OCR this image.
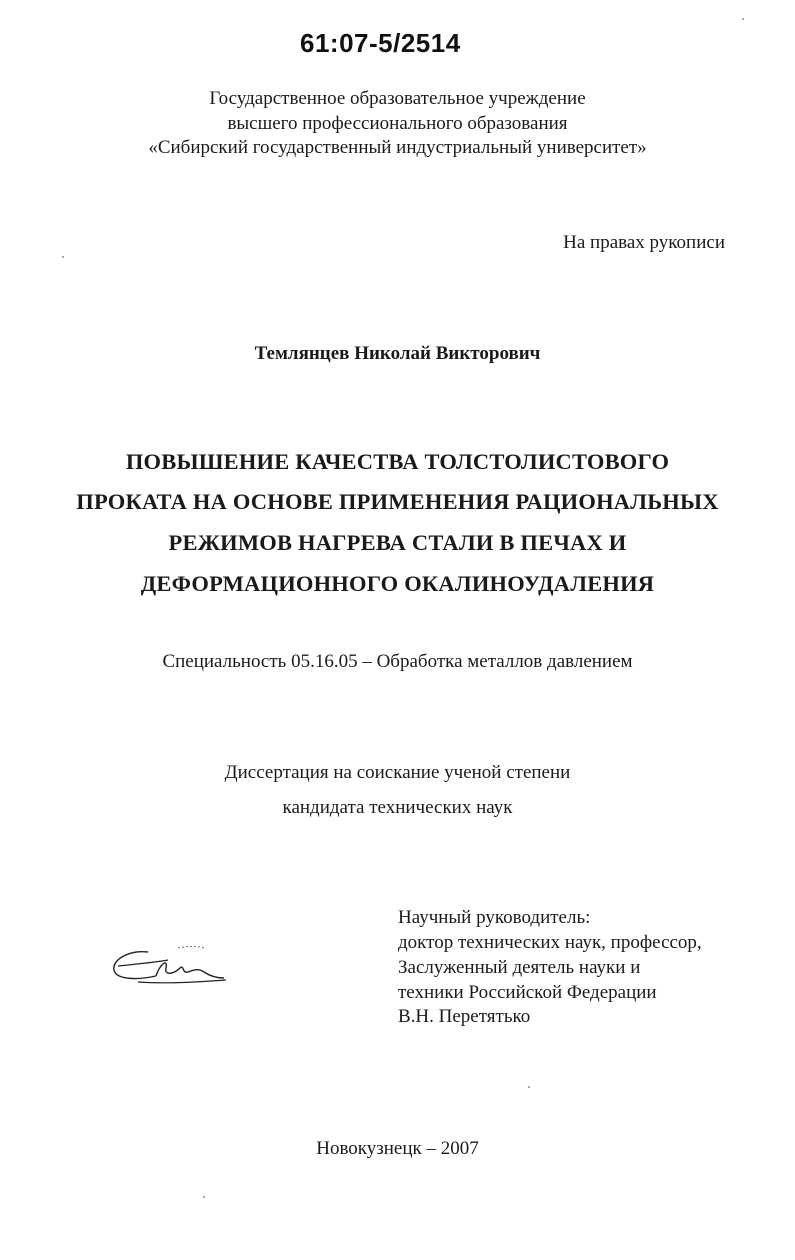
61:07-5/2514
Государственное образовательное учреждение
высшего профессионального образования
«Сибирский государственный индустриальный университет»
На правах рукописи
Темлянцев Николай Викторович
ПОВЫШЕНИЕ КАЧЕСТВА ТОЛСТОЛИСТОВОГО
ПРОКАТА НА ОСНОВЕ ПРИМЕНЕНИЯ РАЦИОНАЛЬНЫХ
РЕЖИМОВ НАГРЕВА СТАЛИ В ПЕЧАХ И
ДЕФОРМАЦИОННОГО ОКАЛИНОУДАЛЕНИЯ
Специальность 05.16.05 – Обработка металлов давлением
Диссертация на соискание ученой степени
кандидата технических наук
Научный руководитель:
доктор технических наук, профессор,
Заслуженный деятель науки и
техники Российской Федерации
В.Н. Перетятько
Новокузнецк – 2007
